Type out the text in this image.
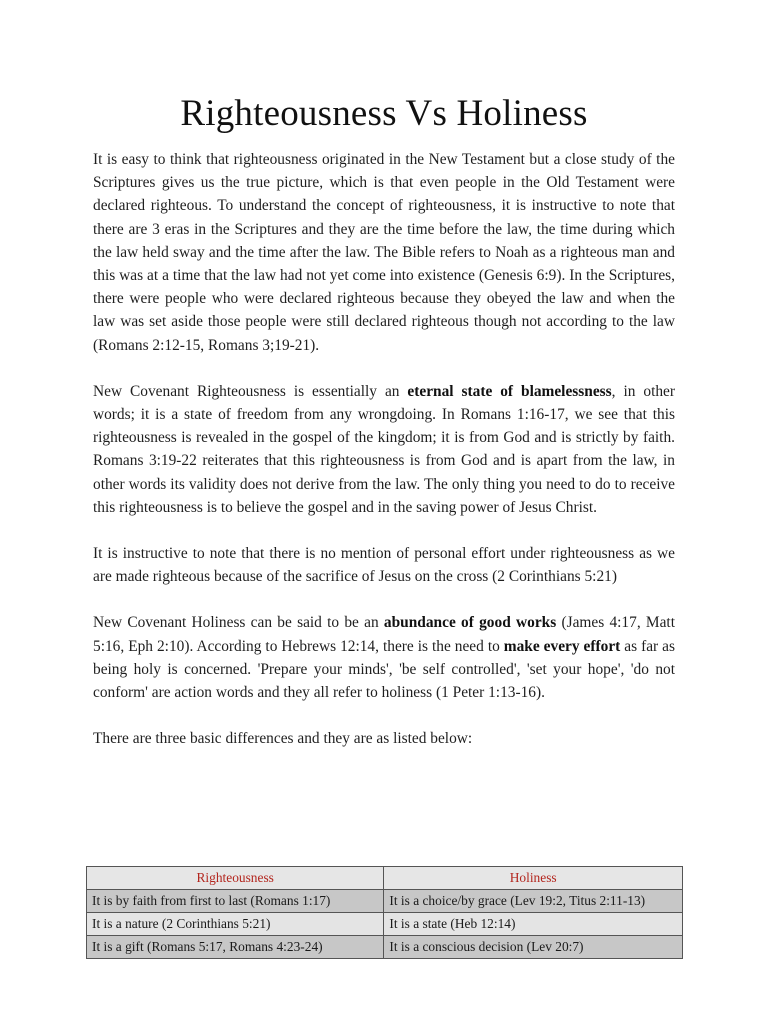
Righteousness Vs Holiness

It is easy to think that righteousness originated in the New Testament but a close study of the Scriptures gives us the true picture, which is that even people in the Old Testament were declared righteous. To understand the concept of righteousness, it is instructive to note that there are 3 eras in the Scriptures and they are the time before the law, the time during which the law held sway and the time after the law. The Bible refers to Noah as a righteous man and this was at a time that the law had not yet come into existence (Genesis 6:9). In the Scriptures, there were people who were declared righteous because they obeyed the law and when the law was set aside those people were still declared righteous though not according to the law (Romans 2:12-15, Romans 3;19-21).

New Covenant Righteousness is essentially an eternal state of blamelessness, in other words; it is a state of freedom from any wrongdoing. In Romans 1:16-17, we see that this righteousness is revealed in the gospel of the kingdom; it is from God and is strictly by faith. Romans 3:19-22 reiterates that this righteousness is from God and is apart from the law, in other words its validity does not derive from the law. The only thing you need to do to receive this righteousness is to believe the gospel and in the saving power of Jesus Christ.

It is instructive to note that there is no mention of personal effort under righteousness as we are made righteous because of the sacrifice of Jesus on the cross (2 Corinthians 5:21)

New Covenant Holiness can be said to be an abundance of good works (James 4:17, Matt 5:16, Eph 2:10). According to Hebrews 12:14, there is the need to make every effort as far as being holy is concerned. 'Prepare your minds', 'be self controlled', 'set your hope', 'do not conform' are action words and they all refer to holiness (1 Peter 1:13-16).

There are three basic differences and they are as listed below:

Righteousness	Holiness
It is by faith from first to last (Romans 1:17)	It is a choice/by grace (Lev 19:2, Titus 2:11-13)
It is a nature (2 Corinthians 5:21)	It is a state (Heb 12:14)
It is a gift (Romans 5:17, Romans 4:23-24)	It is a conscious decision (Lev 20:7)
